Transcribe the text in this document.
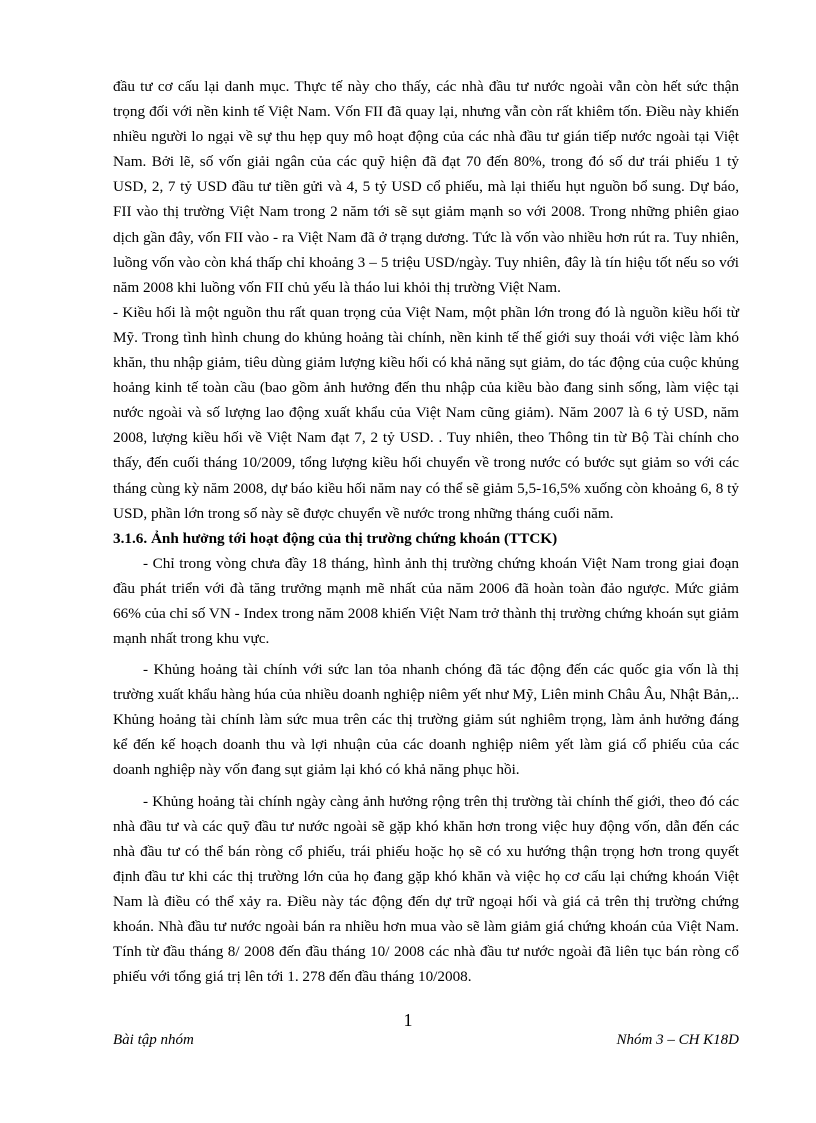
đầu tư cơ cấu lại danh mục. Thực tế này cho thấy, các nhà đầu tư nước ngoài vẫn còn hết sức thận trọng đối với nền kinh tế Việt Nam. Vốn FII đã quay lại, nhưng vẫn còn rất khiêm tốn. Điều này khiến nhiều người lo ngại về sự thu hẹp quy mô hoạt động của các nhà đầu tư gián tiếp nước ngoài tại Việt Nam. Bởi lẽ, số vốn giải ngân của các quỹ hiện đã đạt 70 đến 80%, trong đó số dư trái phiếu 1 tỷ USD, 2, 7 tỷ USD đầu tư tiền gửi và 4, 5 tỷ USD cổ phiếu, mà lại thiếu hụt nguồn bổ sung. Dự báo, FII vào thị trường Việt Nam trong 2 năm tới sẽ sụt giảm mạnh so với 2008. Trong những phiên giao dịch gần đây, vốn FII vào - ra Việt Nam đã ở trạng dương. Tức là vốn vào nhiều hơn rút ra. Tuy nhiên, luồng vốn vào còn khá thấp chỉ khoảng 3 – 5 triệu USD/ngày. Tuy nhiên, đây là tín hiệu tốt nếu so với năm 2008 khi luồng vốn FII chủ yếu là tháo lui khỏi thị trường Việt Nam.

- Kiều hối là một nguồn thu rất quan trọng của Việt Nam, một phần lớn trong đó là nguồn kiều hối từ Mỹ. Trong tình hình chung do khủng hoảng tài chính, nền kinh tế thế giới suy thoái với việc làm khó khăn, thu nhập giảm, tiêu dùng giảm lượng kiều hối có khả năng sụt giảm, do tác động của cuộc khủng hoảng kinh tế toàn cầu (bao gồm ảnh hưởng đến thu nhập của kiều bào đang sinh sống, làm việc tại nước ngoài và số lượng lao động xuất khẩu của Việt Nam cũng giảm). Năm 2007 là 6 tỷ USD, năm 2008, lượng kiều hối về Việt Nam đạt 7, 2 tỷ USD. . Tuy nhiên, theo Thông tin từ Bộ Tài chính cho thấy, đến cuối tháng 10/2009, tổng lượng kiều hối chuyển về trong nước có bước sụt giảm so với các tháng cùng kỳ năm 2008, dự báo kiều hối năm nay có thể sẽ giảm 5,5-16,5% xuống còn khoảng 6, 8 tỷ USD, phần lớn trong số này sẽ được chuyển về nước trong những tháng cuối năm.

3.1.6. Ảnh hưởng tới hoạt động của thị trường chứng khoán (TTCK)

- Chỉ trong vòng chưa đầy 18 tháng, hình ảnh thị trường chứng khoán Việt Nam trong giai đoạn đầu phát triển với đà tăng trưởng mạnh mẽ nhất của năm 2006 đã hoàn toàn đảo ngược. Mức giảm 66% của chỉ số VN - Index trong năm 2008 khiến Việt Nam trở thành thị trường chứng khoán sụt giảm mạnh nhất trong khu vực.

- Khủng hoảng tài chính với sức lan tỏa nhanh chóng đã tác động đến các quốc gia vốn là thị trường xuất khẩu hàng húa của nhiều doanh nghiệp niêm yết như Mỹ, Liên minh Châu Âu, Nhật Bản,.. Khủng hoảng tài chính làm sức mua trên các thị trường giảm sút nghiêm trọng, làm ảnh hưởng đáng kể đến kế hoạch doanh thu và lợi nhuận của các doanh nghiệp niêm yết làm giá cổ phiếu của các doanh nghiệp này vốn đang sụt giảm lại khó có khả năng phục hồi.

- Khủng hoảng tài chính ngày càng ảnh hưởng rộng trên thị trường tài chính thế giới, theo đó các nhà đầu tư và các quỹ đầu tư nước ngoài sẽ gặp khó khăn hơn trong việc huy động vốn, dẫn đến các nhà đầu tư có thể bán ròng cổ phiếu, trái phiếu hoặc họ sẽ có xu hướng thận trọng hơn trong quyết định đầu tư khi các thị trường lớn của họ đang gặp khó khăn và việc họ cơ cấu lại chứng khoán Việt Nam là điều có thể xảy ra. Điều này tác động đến dự trữ ngoại hối và giá cả trên thị trường chứng khoán. Nhà đầu tư nước ngoài bán ra nhiều hơn mua vào sẽ làm giảm giá chứng khoán của Việt Nam. Tính từ đầu tháng 8/ 2008 đến đầu tháng 10/ 2008 các nhà đầu tư nước ngoài đã liên tục bán ròng cổ phiếu với tổng giá trị lên tới 1. 278 đến đầu tháng 10/2008.

1
Bài tập nhóm	Nhóm 3 – CH K18D
